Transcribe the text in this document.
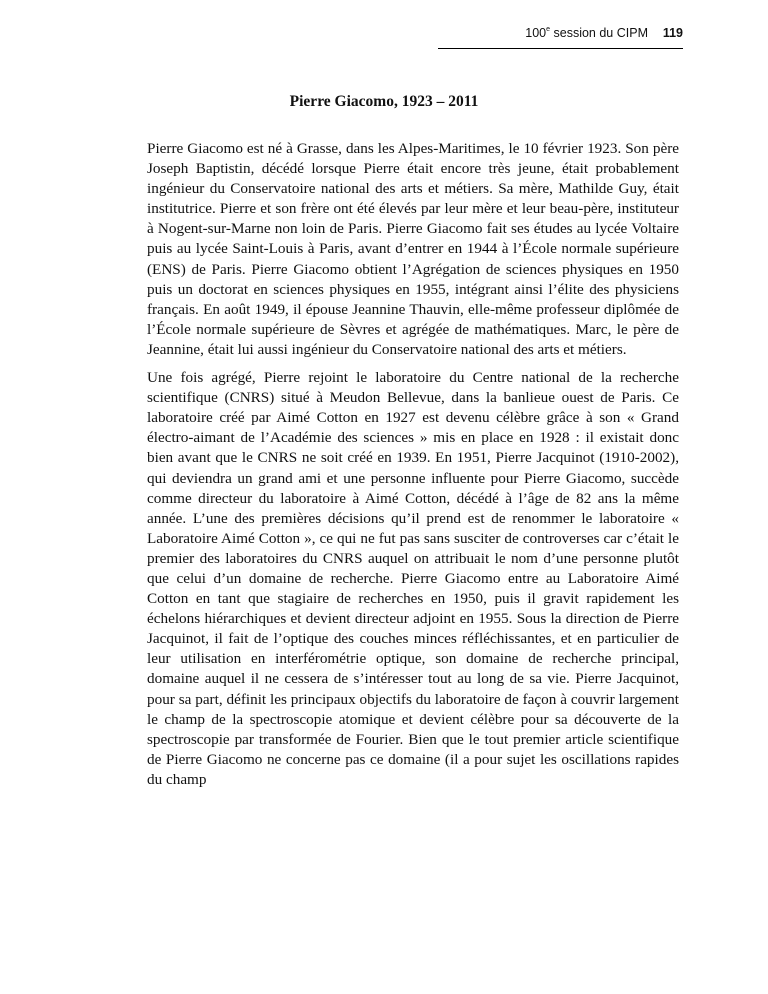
100e session du CIPM	119
Pierre Giacomo, 1923 – 2011

Pierre Giacomo est né à Grasse, dans les Alpes-Maritimes, le 10 février 1923. Son père Joseph Baptistin, décédé lorsque Pierre était encore très jeune, était probablement ingénieur du Conservatoire national des arts et métiers. Sa mère, Mathilde Guy, était institutrice. Pierre et son frère ont été élevés par leur mère et leur beau-père, instituteur à Nogent-sur-Marne non loin de Paris. Pierre Giacomo fait ses études au lycée Voltaire puis au lycée Saint-Louis à Paris, avant d’entrer en 1944 à l’École normale supérieure (ENS) de Paris. Pierre Giacomo obtient l’Agrégation de sciences physiques en 1950 puis un doctorat en sciences physiques en 1955, intégrant ainsi l’élite des physiciens français. En août 1949, il épouse Jeannine Thauvin, elle-même professeur diplômée de l’École normale supérieure de Sèvres et agrégée de mathématiques. Marc, le père de Jeannine, était lui aussi ingénieur du Conservatoire national des arts et métiers.

Une fois agrégé, Pierre rejoint le laboratoire du Centre national de la recherche scientifique (CNRS) situé à Meudon Bellevue, dans la banlieue ouest de Paris. Ce laboratoire créé par Aimé Cotton en 1927 est devenu célèbre grâce à son « Grand électro-aimant de l’Académie des sciences » mis en place en 1928 : il existait donc bien avant que le CNRS ne soit créé en 1939. En 1951, Pierre Jacquinot (1910-2002), qui deviendra un grand ami et une personne influente pour Pierre Giacomo, succède comme directeur du laboratoire à Aimé Cotton, décédé à l’âge de 82 ans la même année. L’une des premières décisions qu’il prend est de renommer le laboratoire « Laboratoire Aimé Cotton », ce qui ne fut pas sans susciter de controverses car c’était le premier des laboratoires du CNRS auquel on attribuait le nom d’une personne plutôt que celui d’un domaine de recherche. Pierre Giacomo entre au Laboratoire Aimé Cotton en tant que stagiaire de recherches en 1950, puis il gravit rapidement les échelons hiérarchiques et devient directeur adjoint en 1955. Sous la direction de Pierre Jacquinot, il fait de l’optique des couches minces réfléchissantes, et en particulier de leur utilisation en interférométrie optique, son domaine de recherche principal, domaine auquel il ne cessera de s’intéresser tout au long de sa vie. Pierre Jacquinot, pour sa part, définit les principaux objectifs du laboratoire de façon à couvrir largement le champ de la spectroscopie atomique et devient célèbre pour sa découverte de la spectroscopie par transformée de Fourier. Bien que le tout premier article scientifique de Pierre Giacomo ne concerne pas ce domaine (il a pour sujet les oscillations rapides du champ
